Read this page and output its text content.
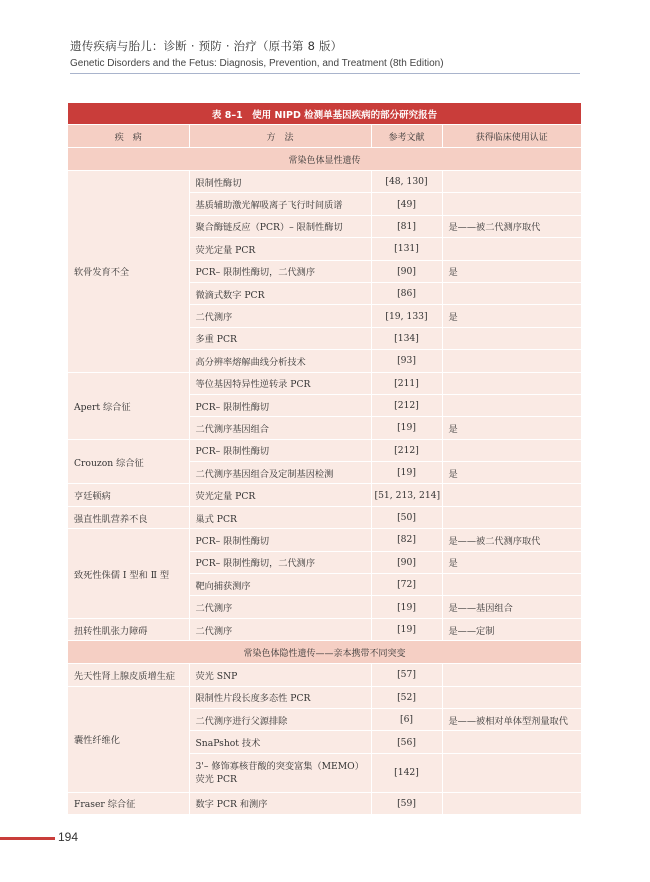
遗传疾病与胎儿：诊断 · 预防 · 治疗（原书第 8 版）
Genetic Disorders and the Fetus: Diagnosis, Prevention, and Treatment (8th Edition)
表 8–1　使用 NIPD 检测单基因疾病的部分研究报告			
疾　病	方　法	参考文献	获得临床使用认证
常染色体显性遗传			
软骨发育不全	限制性酶切	[48, 130]	
	基质辅助激光解吸离子飞行时间质谱	[49]	
	聚合酶链反应（PCR）– 限制性酶切	[81]	是——被二代测序取代
	荧光定量 PCR	[131]	
	PCR– 限制性酶切，二代测序	[90]	是
	微滴式数字 PCR	[86]	
	二代测序	[19, 133]	是
	多重 PCR	[134]	
	高分辨率熔解曲线分析技术	[93]	
Apert 综合征	等位基因特异性逆转录 PCR	[211]	
	PCR– 限制性酶切	[212]	
	二代测序基因组合	[19]	是
Crouzon 综合征	PCR– 限制性酶切	[212]	
	二代测序基因组合及定制基因检测	[19]	是
亨廷顿病	荧光定量 PCR	[51, 213, 214]	
强直性肌营养不良	巢式 PCR	[50]	
致死性侏儒 Ⅰ 型和 Ⅱ 型	PCR– 限制性酶切	[82]	是——被二代测序取代
	PCR– 限制性酶切，二代测序	[90]	是
	靶向捕获测序	[72]	
	二代测序	[19]	是——基因组合
扭转性肌张力障碍	二代测序	[19]	是——定制
常染色体隐性遗传——亲本携带不同突变			
先天性肾上腺皮质增生症	荧光 SNP	[57]	
囊性纤维化	限制性片段长度多态性 PCR	[52]	
	二代测序进行父源排除	[6]	是——被相对单体型剂量取代
	SnaPshot 技术	[56]	
	3'– 修饰寡核苷酸的突变富集（MEMO）荧光 PCR	[142]	
Fraser 综合征	数字 PCR 和测序	[59]	
194
